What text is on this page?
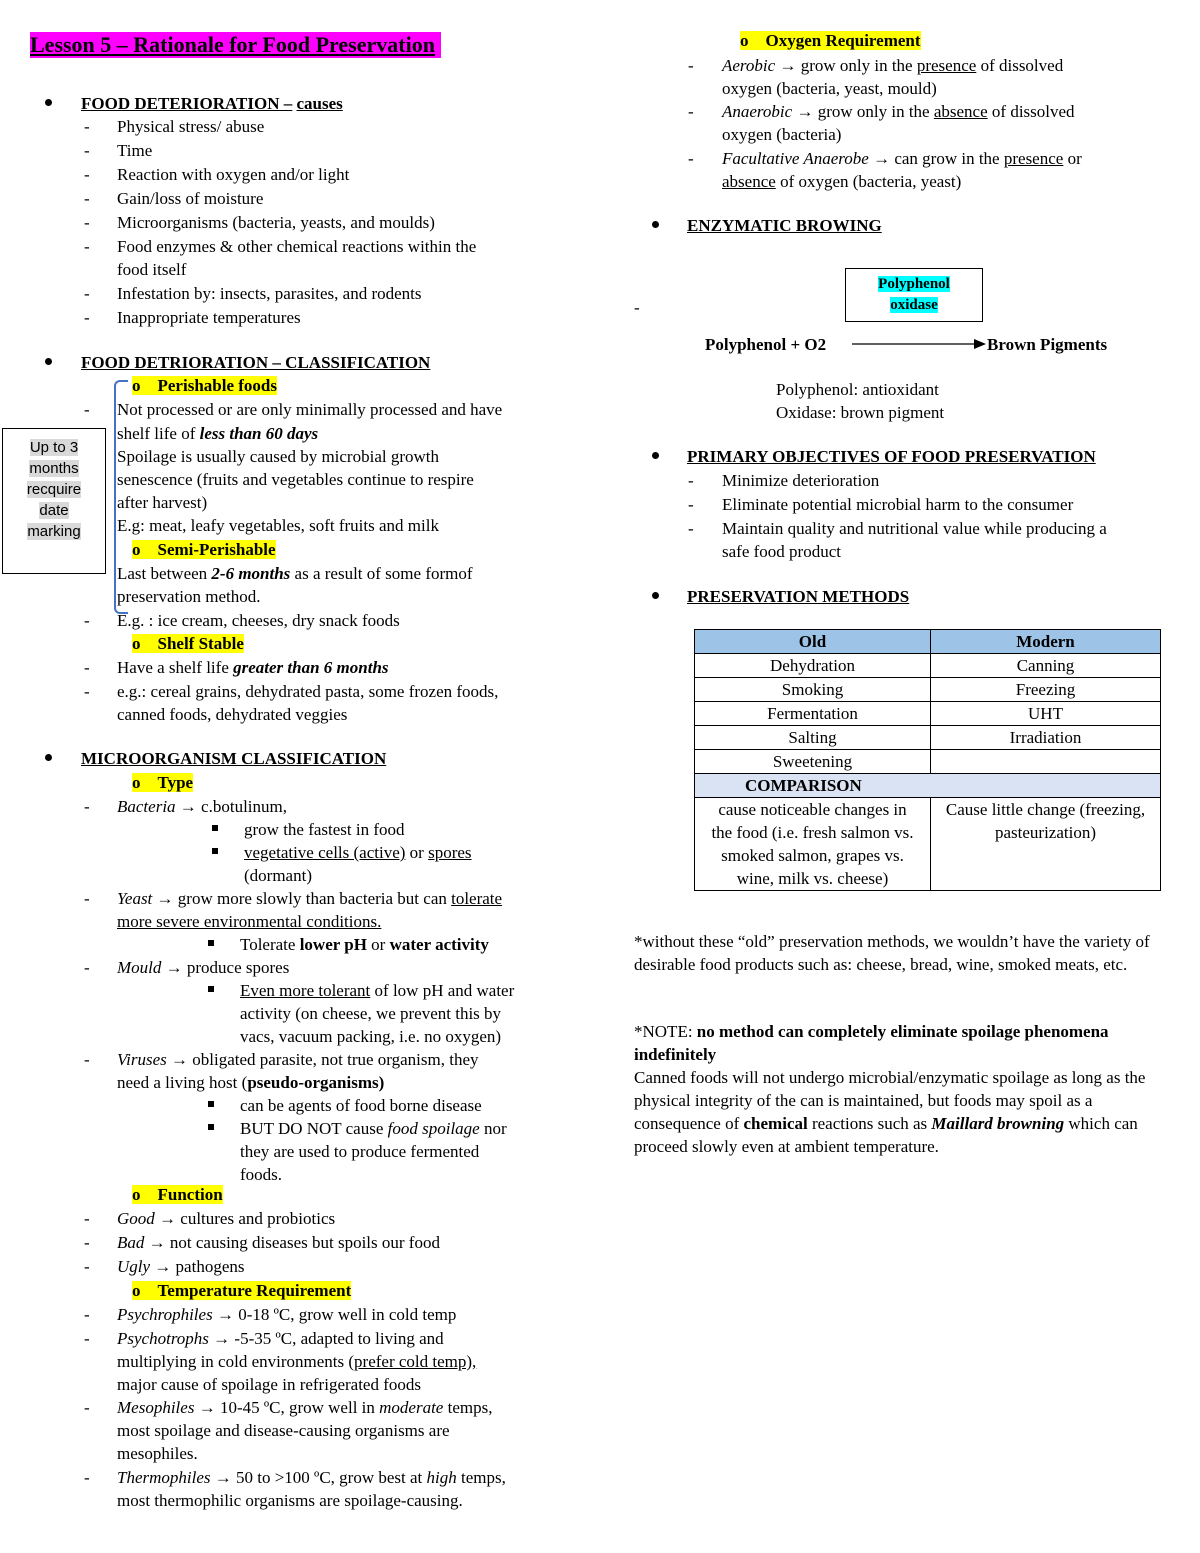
Lesson 5 – Rationale for Food Preservation
FOOD DETERIORATION – causes
- Physical stress/ abuse
- Time
- Reaction with oxygen and/or light
- Gain/loss of moisture
- Microorganisms (bacteria, yeasts, and moulds)
- Food enzymes & other chemical reactions within the
food itself
- Infestation by: insects, parasites, and rodents
- Inappropriate temperatures
FOOD DETRIORATION – CLASSIFICATION
Up to 3
months
recquire
date
marking
o Perishable foods
- Not processed or are only minimally processed and have
shelf life of less than 60 days
Spoilage is usually caused by microbial growth
senescence (fruits and vegetables continue to respire
after harvest)
E.g: meat, leafy vegetables, soft fruits and milk
o Semi-Perishable
Last between 2-6 months as a result of some formof
preservation method.
- E.g. : ice cream, cheeses, dry snack foods
o Shelf Stable
- Have a shelf life greater than 6 months
- e.g.: cereal grains, dehydrated pasta, some frozen foods,
canned foods, dehydrated veggies
MICROORGANISM CLASSIFICATION
o Type
- Bacteria → c.botulinum,
grow the fastest in food
vegetative cells (active) or spores
(dormant)
- Yeast → grow more slowly than bacteria but can tolerate
more severe environmental conditions.
Tolerate lower pH or water activity
- Mould → produce spores
Even more tolerant of low pH and water
activity (on cheese, we prevent this by
vacs, vacuum packing, i.e. no oxygen)
- Viruses → obligated parasite, not true organism, they
need a living host (pseudo-organisms)
can be agents of food borne disease
BUT DO NOT cause food spoilage nor
they are used to produce fermented
foods.
o Function
- Good → cultures and probiotics
- Bad → not causing diseases but spoils our food
- Ugly → pathogens
o Temperature Requirement
- Psychrophiles → 0-18 ºC, grow well in cold temp
- Psychotrophs → -5-35 ºC, adapted to living and
multiplying in cold environments (prefer cold temp),
major cause of spoilage in refrigerated foods
- Mesophiles → 10-45 ºC, grow well in moderate temps,
most spoilage and disease-causing organisms are
mesophiles.
- Thermophiles → 50 to >100 ºC, grow best at high temps,
most thermophilic organisms are spoilage-causing.
o Oxygen Requirement
- Aerobic → grow only in the presence of dissolved
oxygen (bacteria, yeast, mould)
- Anaerobic → grow only in the absence of dissolved
oxygen (bacteria)
- Facultative Anaerobe → can grow in the presence or
absence of oxygen (bacteria, yeast)
ENZYMATIC BROWING
-
Polyphenol
oxidase
Polyphenol + O2	Brown Pigments
Polyphenol: antioxidant
Oxidase: brown pigment
PRIMARY OBJECTIVES OF FOOD PRESERVATION
- Minimize deterioration
- Eliminate potential microbial harm to the consumer
- Maintain quality and nutritional value while producing a
safe food product
PRESERVATION METHODS
Old	Modern
Dehydration	Canning
Smoking	Freezing
Fermentation	UHT
Salting	Irradiation
Sweetening	
COMPARISON	
cause noticeable changes in the food (i.e. fresh salmon vs. smoked salmon, grapes vs. wine, milk vs. cheese)	Cause little change (freezing, pasteurization)
*without these “old” preservation methods, we wouldn’t have the variety of desirable food products such as: cheese, bread, wine, smoked meats, etc.
*NOTE: no method can completely eliminate spoilage phenomena indefinitely
Canned foods will not undergo microbial/enzymatic spoilage as long as the physical integrity of the can is maintained, but foods may spoil as a consequence of chemical reactions such as Maillard browning which can proceed slowly even at ambient temperature.
